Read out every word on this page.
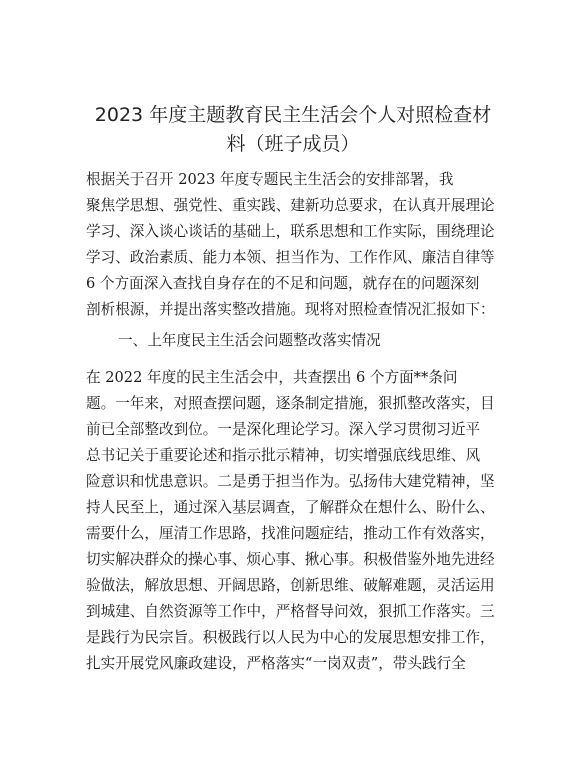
2023 年度主题教育民主生活会个人对照检查材
料（班子成员）
根据关于召开 2023 年度专题民主生活会的安排部署，我
聚焦学思想、强党性、重实践、建新功总要求，在认真开展理论
学习、深入谈心谈话的基础上，联系思想和工作实际，围绕理论
学习、政治素质、能力本领、担当作为、工作作风、廉洁自律等
6 个方面深入查找自身存在的不足和问题，就存在的问题深刻
剖析根源，并提出落实整改措施。现将对照检查情况汇报如下：
一、上年度民主生活会问题整改落实情况
在 2022 年度的民主生活会中，共查摆出 6 个方面**条问
题。一年来，对照查摆问题，逐条制定措施，狠抓整改落实，目
前已全部整改到位。一是深化理论学习。深入学习贯彻习近平
总书记关于重要论述和指示批示精神，切实增强底线思维、风
险意识和忧患意识。二是勇于担当作为。弘扬伟大建党精神，坚
持人民至上，通过深入基层调查，了解群众在想什么、盼什么、
需要什么，厘清工作思路，找准问题症结，推动工作有效落实，
切实解决群众的操心事、烦心事、揪心事。积极借鉴外地先进经
验做法，解放思想、开阔思路，创新思维、破解难题，灵活运用
到城建、自然资源等工作中，严格督导问效，狠抓工作落实。三
是践行为民宗旨。积极践行以人民为中心的发展思想安排工作，
扎实开展党风廉政建设，严格落实“一岗双责”，带头践行全
